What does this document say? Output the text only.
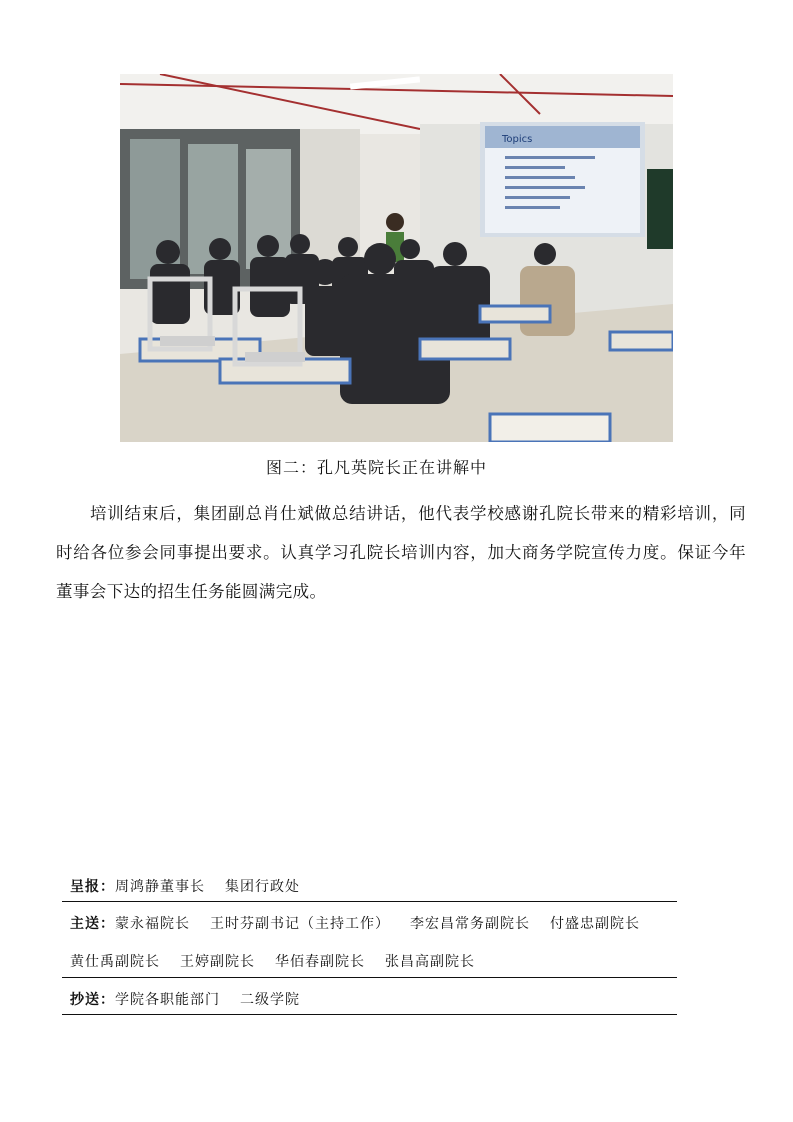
Topics
图二：孔凡英院长正在讲解中

培训结束后，集团副总肖仕斌做总结讲话，他代表学校感谢孔院长带来的精彩培训，同时给各位参会同事提出要求。认真学习孔院长培训内容，加大商务学院宣传力度。保证今年董事会下达的招生任务能圆满完成。

呈报：周鸿静董事长 集团行政处
主送：蒙永福院长 王时芬副书记（主持工作） 李宏昌常务副院长 付盛忠副院长
黄仕禹副院长 王婷副院长 华佰春副院长 张昌高副院长
抄送：学院各职能部门 二级学院
